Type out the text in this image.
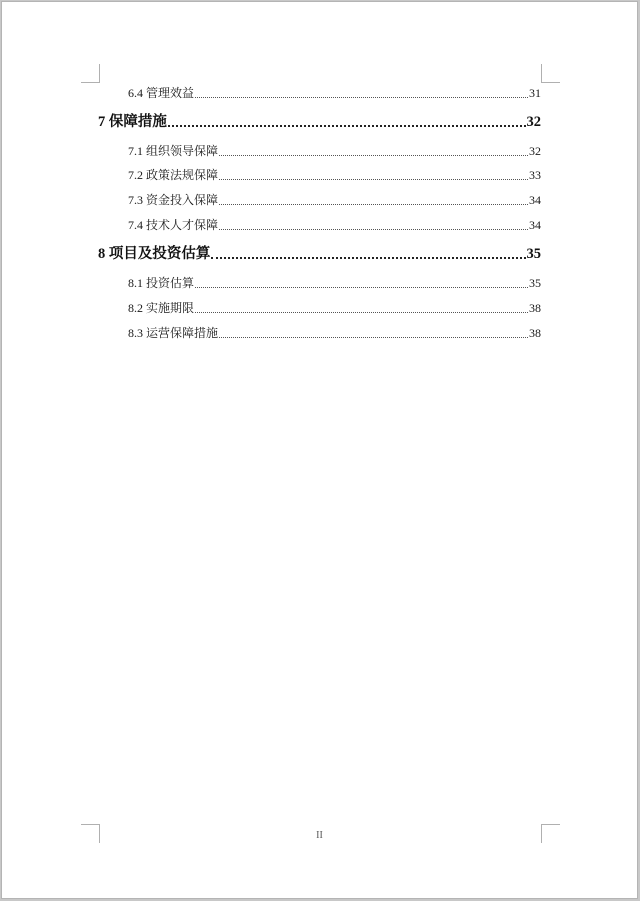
6.4 管理效益	31
7 保障措施	32
7.1 组织领导保障	32
7.2 政策法规保障	33
7.3 资金投入保障	34
7.4 技术人才保障	34
8 项目及投资估算	35
8.1 投资估算	35
8.2 实施期限	38
8.3 运营保障措施	38
II
